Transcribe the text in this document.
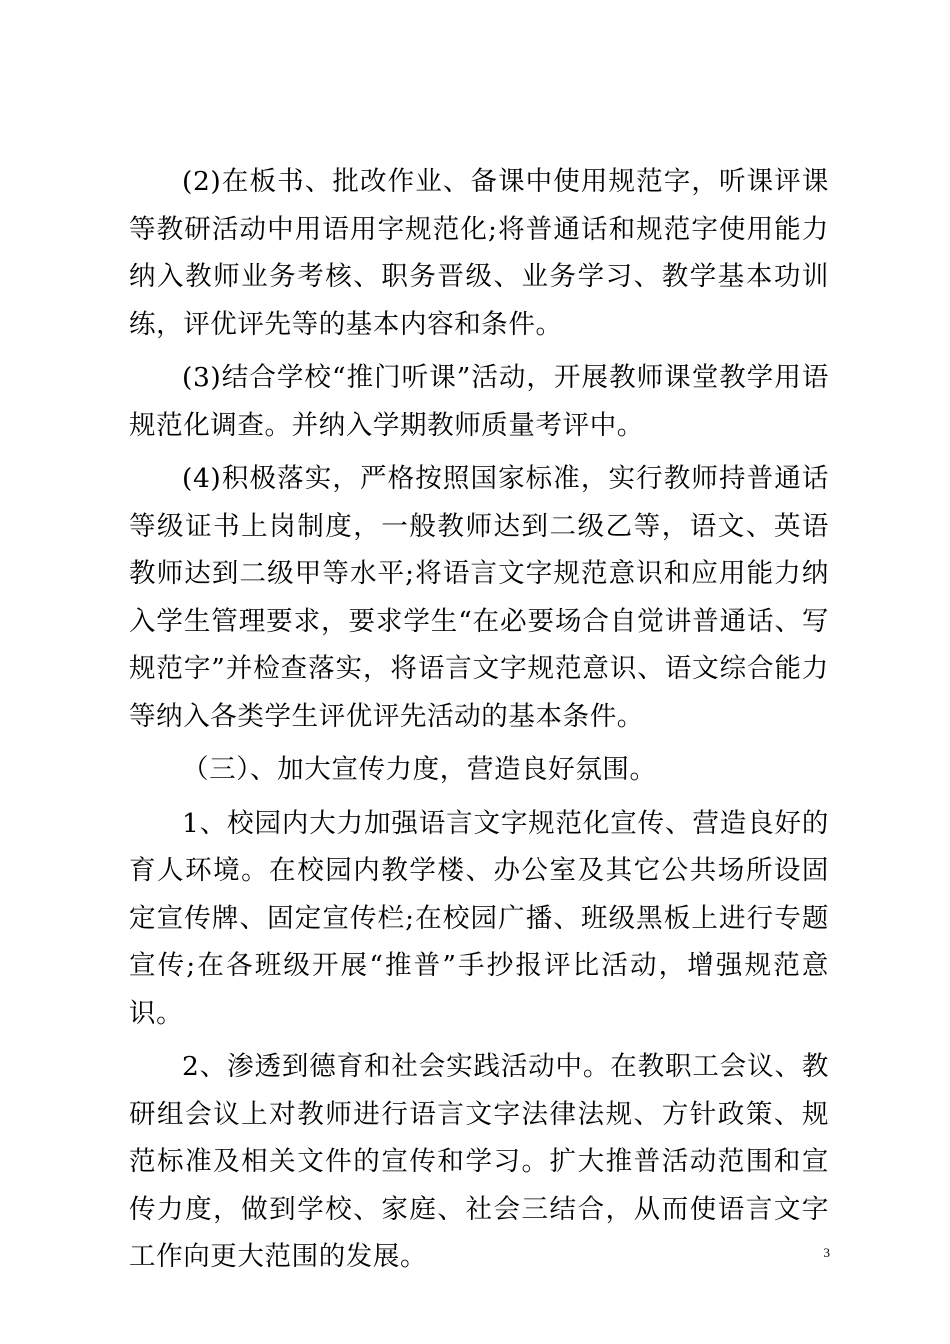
(2)在板书、批改作业、备课中使用规范字，听课评课等教研活动中用语用字规范化;将普通话和规范字使用能力纳入教师业务考核、职务晋级、业务学习、教学基本功训练，评优评先等的基本内容和条件。

(3)结合学校“推门听课”活动，开展教师课堂教学用语规范化调查。并纳入学期教师质量考评中。

(4)积极落实，严格按照国家标准，实行教师持普通话等级证书上岗制度，一般教师达到二级乙等，语文、英语教师达到二级甲等水平;将语言文字规范意识和应用能力纳入学生管理要求，要求学生“在必要场合自觉讲普通话、写规范字”并检查落实，将语言文字规范意识、语文综合能力等纳入各类学生评优评先活动的基本条件。

（三）、加大宣传力度，营造良好氛围。

1、校园内大力加强语言文字规范化宣传、营造良好的育人环境。在校园内教学楼、办公室及其它公共场所设固定宣传牌、固定宣传栏;在校园广播、班级黑板上进行专题宣传;在各班级开展“推普”手抄报评比活动，增强规范意识。

2、渗透到德育和社会实践活动中。在教职工会议、教研组会议上对教师进行语言文字法律法规、方针政策、规范标准及相关文件的宣传和学习。扩大推普活动范围和宣传力度，做到学校、家庭、社会三结合，从而使语言文字工作向更大范围的发展。	3
